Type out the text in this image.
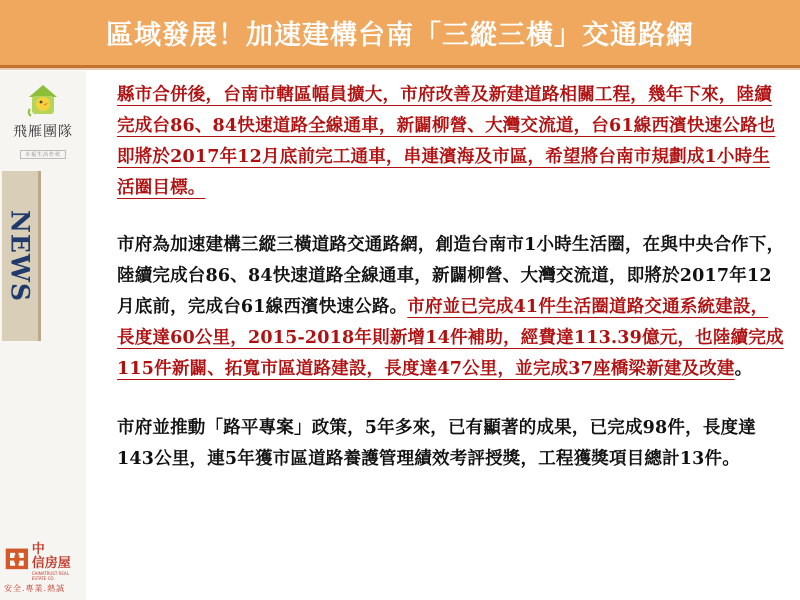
區域發展！加速建構台南「三縱三橫」交通路網
飛雁團隊
幸福生活作伙
NEWS
中
信房屋
CHINATRUST REAL ESTATE CO.
安全.專業.熱誠

縣市合併後，台南市轄區幅員擴大，市府改善及新建道路相關工程，幾年下來，陸續完成台86、84快速道路全線通車，新闢柳營、大灣交流道，台61線西濱快速公路也即將於2017年12月底前完工通車，串連濱海及市區，希望將台南市規劃成1小時生活圈目標。

市府為加速建構三縱三橫道路交通路網，創造台南市1小時生活圈，在與中央合作下，陸續完成台86、84快速道路全線通車，新闢柳營、大灣交流道，即將於2017年12月底前，完成台61線西濱快速公路。市府並已完成41件生活圈道路交通系統建設，長度達60公里，2015-2018年則新增14件補助，經費達113.39億元，也陸續完成115件新闢、拓寬市區道路建設，長度達47公里，並完成37座橋梁新建及改建。

市府並推動「路平專案」政策，5年多來，已有顯著的成果，已完成98件，長度達143公里，連5年獲市區道路養護管理績效考評授獎，工程獲獎項目總計13件。
